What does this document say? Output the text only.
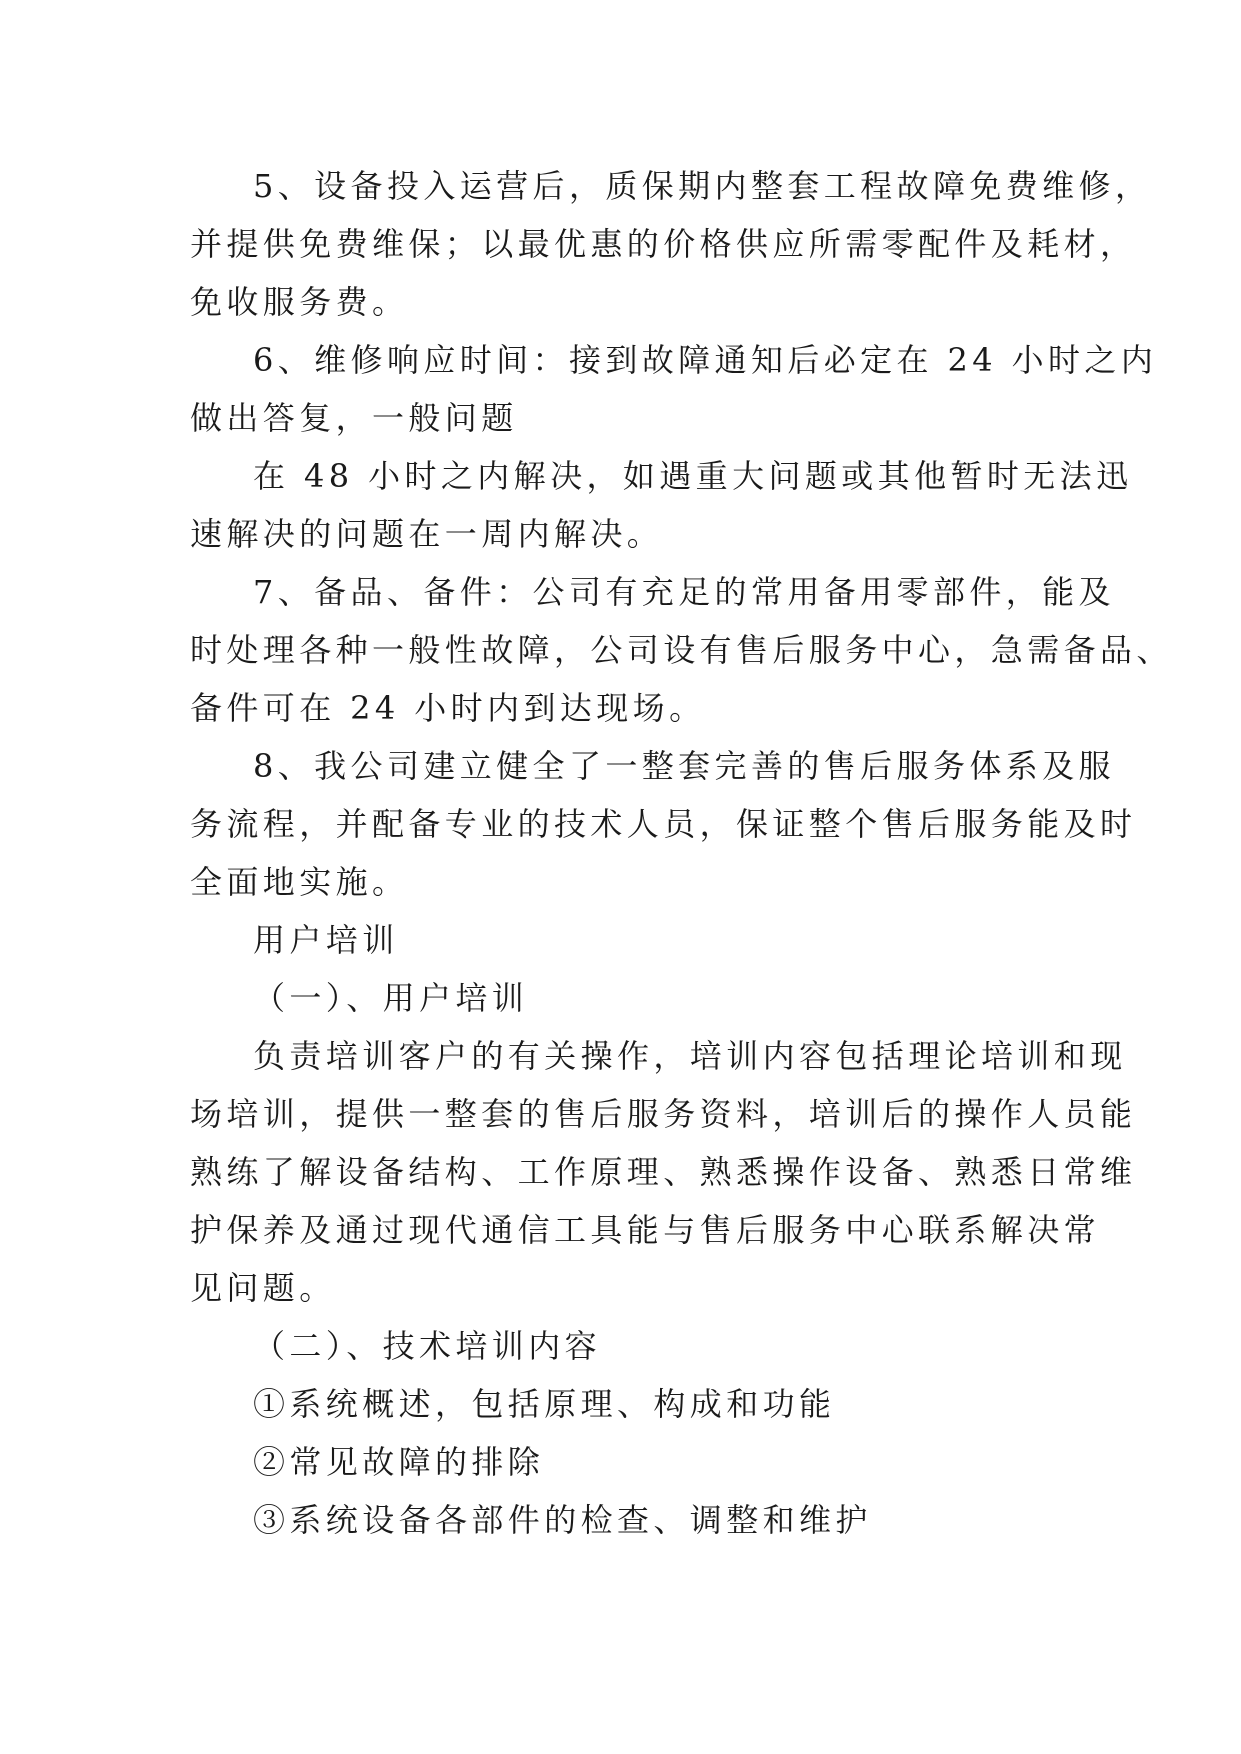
5、设备投入运营后，质保期内整套工程故障免费维修，
并提供免费维保；以最优惠的价格供应所需零配件及耗材，
免收服务费。
6、维修响应时间：接到故障通知后必定在 24 小时之内
做出答复，一般问题
在 48 小时之内解决，如遇重大问题或其他暂时无法迅
速解决的问题在一周内解决。
7、备品、备件：公司有充足的常用备用零部件，能及
时处理各种一般性故障，公司设有售后服务中心，急需备品、
备件可在 24 小时内到达现场。
8、我公司建立健全了一整套完善的售后服务体系及服
务流程，并配备专业的技术人员，保证整个售后服务能及时
全面地实施。
用户培训
（一）、用户培训
负责培训客户的有关操作，培训内容包括理论培训和现
场培训，提供一整套的售后服务资料，培训后的操作人员能
熟练了解设备结构、工作原理、熟悉操作设备、熟悉日常维
护保养及通过现代通信工具能与售后服务中心联系解决常
见问题。
（二）、技术培训内容
①系统概述，包括原理、构成和功能
②常见故障的排除
③系统设备各部件的检查、调整和维护
